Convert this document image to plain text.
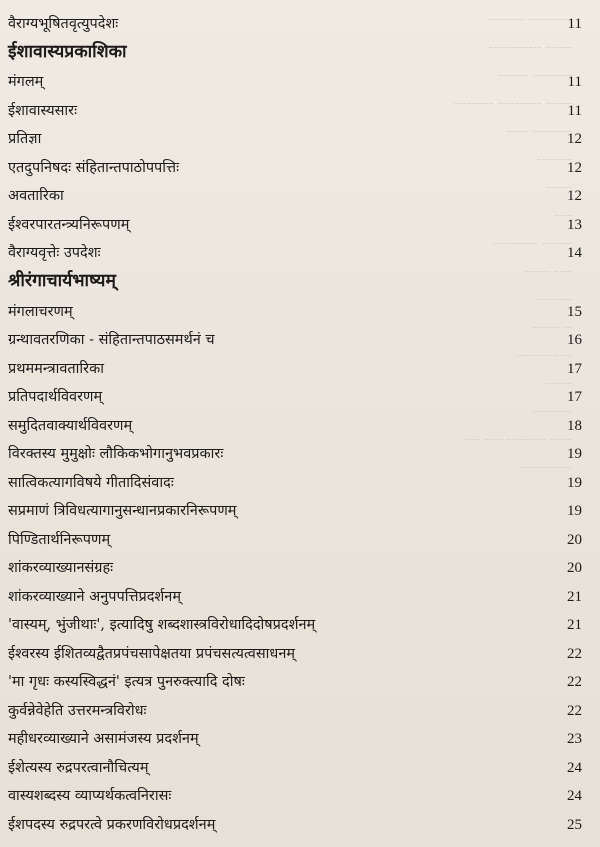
-------- ----------
------------ ------
------- ---------
--------- ---------- ------
----- ---------
--------
------
----
---------- -------
------ ----
--------
------ --
-------- ----
------
---------
---- ---- --------- -----
------------
वैराग्यभूषितवृत्युपदेशः	11
ईशावास्यप्रकाशिका
मंगलम्	11
ईशावास्यसारः	11
प्रतिज्ञा	12
एतदुपनिषदः संहितान्तपाठोपपत्तिः	12
अवतारिका	12
ईश्वरपारतन्त्र्यनिरूपणम्	13
वैराग्यवृत्तेः उपदेशः	14
श्रीरंगाचार्यभाष्यम्
मंगलाचरणम्	15
ग्रन्थावतरणिका - संहितान्तपाठसमर्थनं च	16
प्रथममन्त्रावतारिका	17
प्रतिपदार्थविवरणम्	17
समुदितवाक्यार्थविवरणम्	18
विरक्तस्य मुमुक्षोः लौकिकभोगानुभवप्रकारः	19
सात्विकत्यागविषये गीतादिसंवादः	19
सप्रमाणं त्रिविधत्यागानुसन्धानप्रकारनिरूपणम्	19
पिण्डितार्थनिरूपणम्	20
शांकरव्याख्यानसंग्रहः	20
शांकरव्याख्याने अनुपपत्तिप्रदर्शनम्	21
'वास्यम्, भुंजीथाः', इत्यादिषु शब्दशास्त्रविरोधादिदोषप्रदर्शनम्	21
ईश्वरस्य ईशितव्यद्वैतप्रपंचसापेक्षतया प्रपंचसत्यत्वसाधनम्	22
'मा गृधः कस्यस्विद्धनं' इत्यत्र पुनरुक्त्यादि दोषः	22
कुर्वन्नेवेहेति उत्तरमन्त्रविरोधः	22
महीधरव्याख्याने असामंजस्य प्रदर्शनम्	23
ईशेत्यस्य रुद्रपरत्वानौचित्यम्	24
वास्यशब्दस्य व्याप्यर्थकत्वनिरासः	24
ईशपदस्य रुद्रपरत्वे प्रकरणविरोधप्रदर्शनम्	25
